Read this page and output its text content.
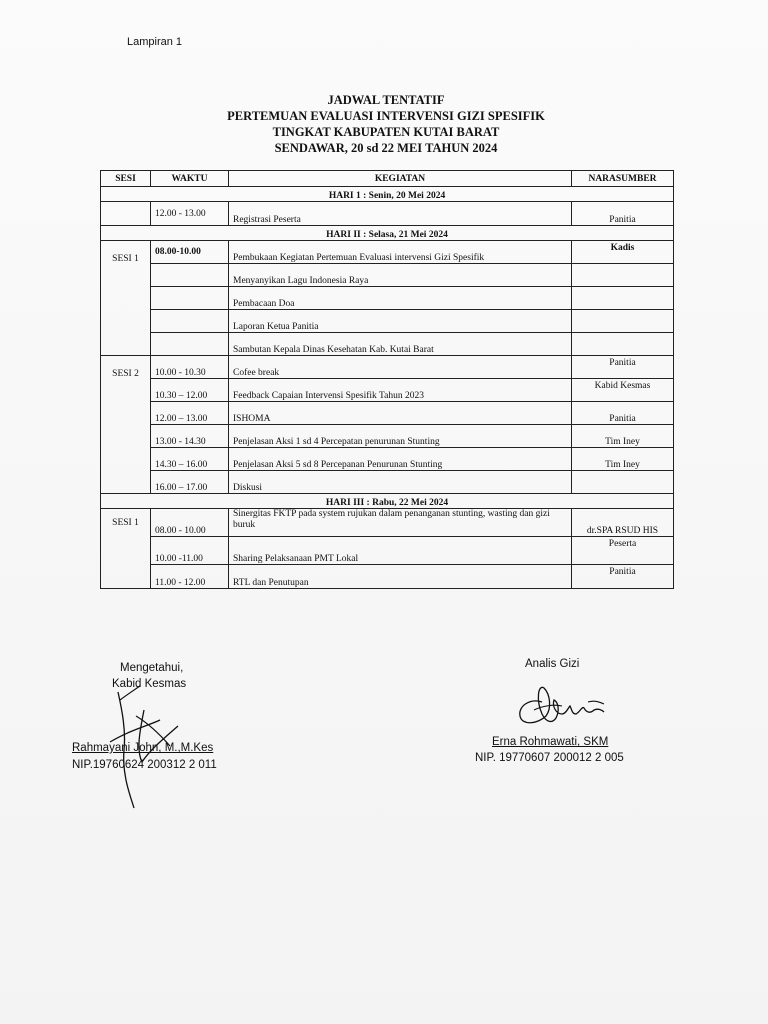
Lampiran 1
JADWAL TENTATIF
PERTEMUAN EVALUASI INTERVENSI GIZI SPESIFIK
TINGKAT KABUPATEN KUTAI BARAT
SENDAWAR, 20 sd 22 MEI TAHUN 2024
SESI	WAKTU	KEGIATAN	NARASUMBER
HARI 1 : Senin, 20 Mei 2024			
	12.00 - 13.00	Registrasi Peserta	Panitia
HARI II : Selasa, 21 Mei 2024			
SESI 1	08.00-10.00	Pembukaan Kegiatan Pertemuan Evaluasi intervensi Gizi Spesifik	Kadis
		Menyanyikan Lagu Indonesia Raya	
		Pembacaan Doa	
		Laporan Ketua Panitia	
		Sambutan Kepala Dinas Kesehatan Kab. Kutai Barat	
SESI 2	10.00 - 10.30	Cofee break	Panitia
	10.30 – 12.00	Feedback Capaian Intervensi Spesifik Tahun 2023	Kabid Kesmas
	12.00 – 13.00	ISHOMA	Panitia
	13.00 - 14.30	Penjelasan Aksi 1 sd 4 Percepatan penurunan Stunting	Tim Iney
	14.30 – 16.00	Penjelasan Aksi 5 sd 8 Percepanan Penurunan Stunting	Tim Iney
	16.00 – 17.00	Diskusi	
HARI III : Rabu, 22 Mei 2024			
SESI 1	08.00 - 10.00	Sinergitas FKTP pada system rujukan dalam penanganan stunting, wasting dan gizi buruk	dr.SPA RSUD HIS
	10.00 -11.00	Sharing Pelaksanaan PMT Lokal	Peserta
	11.00 - 12.00	RTL dan Penutupan	Panitia
Mengetahui,
Kabid Kesmas
Rahmayani John, M.,M.Kes
NIP.19760624 200312 2 011
Analis Gizi
Erna Rohmawati, SKM
NIP. 19770607 200012 2 005
